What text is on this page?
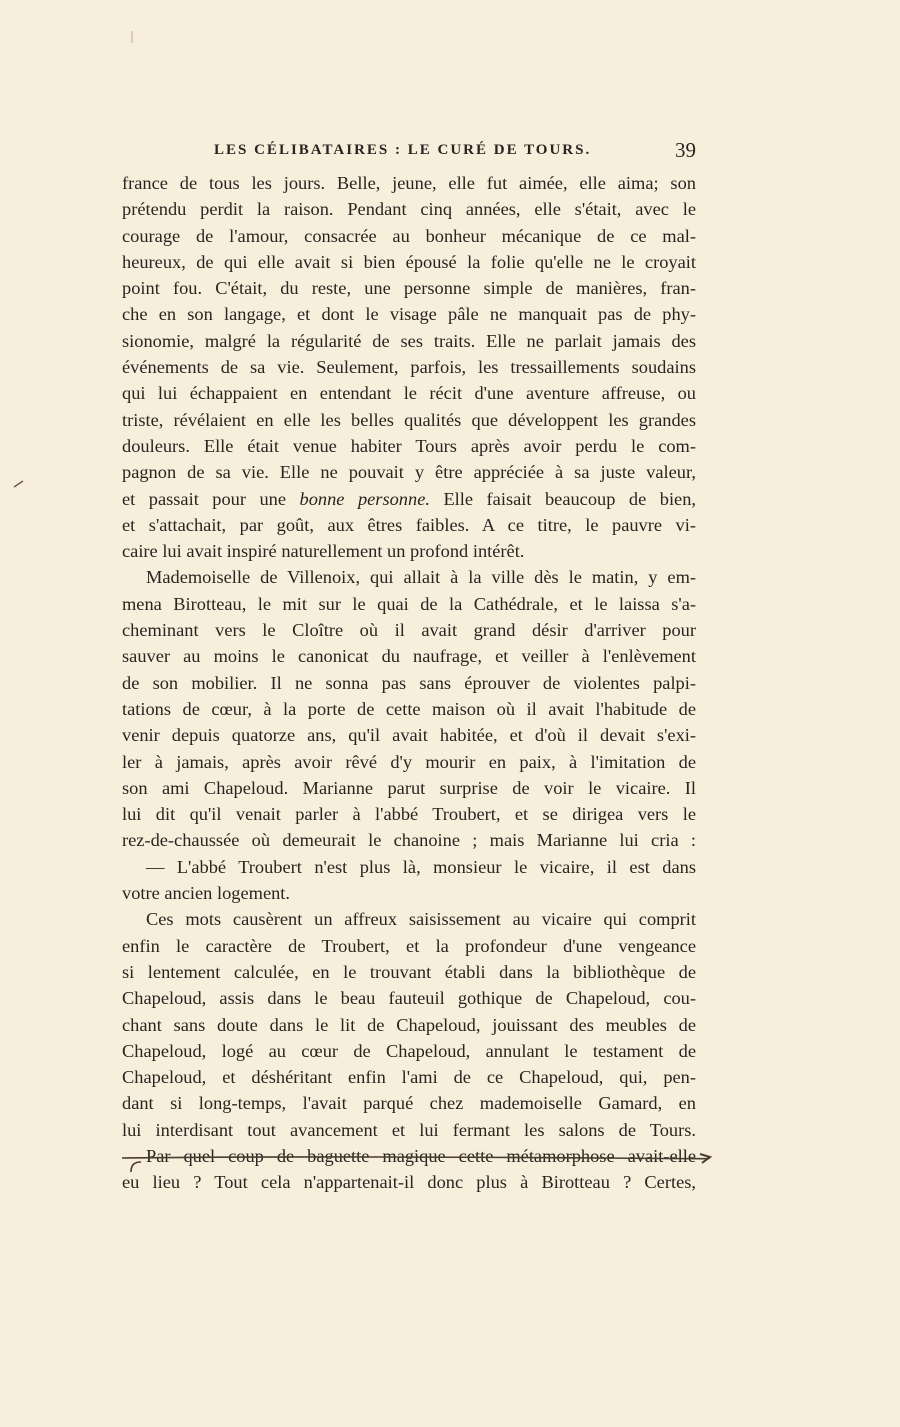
LES CÉLIBATAIRES : LE CURÉ DE TOURS.	39
france de tous les jours. Belle, jeune, elle fut aimée, elle aima; son
prétendu perdit la raison. Pendant cinq années, elle s'était, avec le
courage de l'amour, consacrée au bonheur mécanique de ce mal-
heureux, de qui elle avait si bien épousé la folie qu'elle ne le croyait
point fou. C'était, du reste, une personne simple de manières, fran-
che en son langage, et dont le visage pâle ne manquait pas de phy-
sionomie, malgré la régularité de ses traits. Elle ne parlait jamais des
événements de sa vie. Seulement, parfois, les tressaillements soudains
qui lui échappaient en entendant le récit d'une aventure affreuse, ou
triste, révélaient en elle les belles qualités que développent les grandes
douleurs. Elle était venue habiter Tours après avoir perdu le com-
pagnon de sa vie. Elle ne pouvait y être appréciée à sa juste valeur,
et passait pour une bonne personne. Elle faisait beaucoup de bien,
et s'attachait, par goût, aux êtres faibles. A ce titre, le pauvre vi-
caire lui avait inspiré naturellement un profond intérêt.
Mademoiselle de Villenoix, qui allait à la ville dès le matin, y em-
mena Birotteau, le mit sur le quai de la Cathédrale, et le laissa s'a-
cheminant vers le Cloître où il avait grand désir d'arriver pour
sauver au moins le canonicat du naufrage, et veiller à l'enlèvement
de son mobilier. Il ne sonna pas sans éprouver de violentes palpi-
tations de cœur, à la porte de cette maison où il avait l'habitude de
venir depuis quatorze ans, qu'il avait habitée, et d'où il devait s'exi-
ler à jamais, après avoir rêvé d'y mourir en paix, à l'imitation de
son ami Chapeloud. Marianne parut surprise de voir le vicaire. Il
lui dit qu'il venait parler à l'abbé Troubert, et se dirigea vers le
rez-de-chaussée où demeurait le chanoine ; mais Marianne lui cria :
— L'abbé Troubert n'est plus là, monsieur le vicaire, il est dans
votre ancien logement.
Ces mots causèrent un affreux saisissement au vicaire qui comprit
enfin le caractère de Troubert, et la profondeur d'une vengeance
si lentement calculée, en le trouvant établi dans la bibliothèque de
Chapeloud, assis dans le beau fauteuil gothique de Chapeloud, cou-
chant sans doute dans le lit de Chapeloud, jouissant des meubles de
Chapeloud, logé au cœur de Chapeloud, annulant le testament de
Chapeloud, et déshéritant enfin l'ami de ce Chapeloud, qui, pen-
dant si long-temps, l'avait parqué chez mademoiselle Gamard, en
lui interdisant tout avancement et lui fermant les salons de Tours.
Par quel coup de baguette magique cette métamorphose avait-elle
eu lieu ? Tout cela n'appartenait-il donc plus à Birotteau ? Certes,
